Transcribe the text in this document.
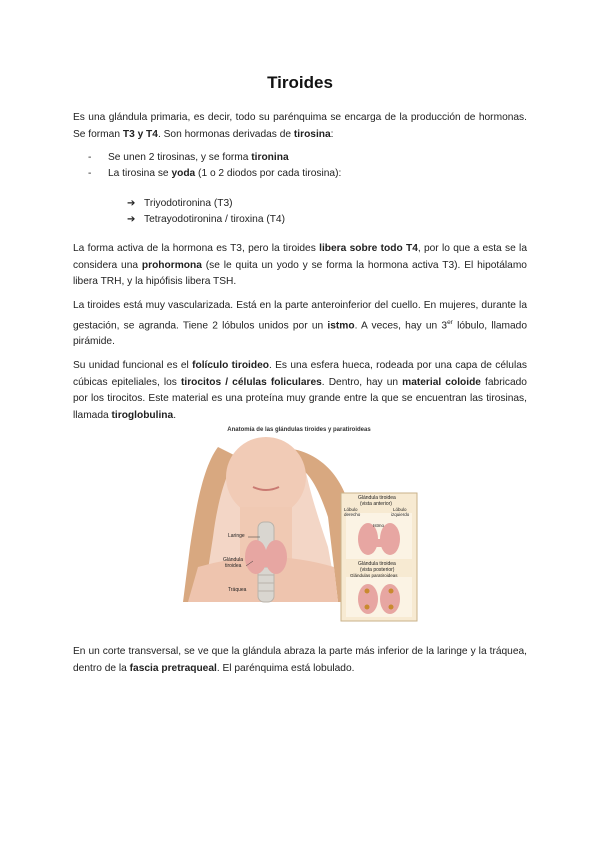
Tiroides

Es una glándula primaria, es decir, todo su parénquima se encarga de la producción de hormonas. Se forman T3 y T4. Son hormonas derivadas de tirosina:

- Se unen 2 tirosinas, y se forma tironina
- La tirosina se yoda (1 o 2 diodos por cada tirosina):
➔ Triyodotironina (T3)
➔ Tetrayodotironina / tiroxina (T4)

La forma activa de la hormona es T3, pero la tiroides libera sobre todo T4, por lo que a esta se la considera una prohormona (se le quita un yodo y se forma la hormona activa T3). El hipotálamo libera TRH, y la hipófisis libera TSH.

La tiroides está muy vascularizada. Está en la parte anteroinferior del cuello. En mujeres, durante la gestación, se agranda. Tiene 2 lóbulos unidos por un istmo. A veces, hay un 3er lóbulo, llamado pirámide.

Su unidad funcional es el folículo tiroideo. Es una esfera hueca, rodeada por una capa de células cúbicas epiteliales, los tirocitos / células foliculares. Dentro, hay un material coloide fabricado por los tirocitos. Este material es una proteína muy grande entre la que se encuentran las tirosinas, llamada tiroglobulina.

Anatomía de las glándulas tiroides y paratiroideas
Laringe
Glándula
tiroidea
Tráquea
Glándula tiroidea
(vista anterior)
Lóbulo
derecho
Lóbulo
izquierdo
Istmo
Glándula tiroidea
(vista posterior)
Glándulas paratiroideas

En un corte transversal, se ve que la glándula abraza la parte más inferior de la laringe y la tráquea, dentro de la fascia pretraqueal. El parénquima está lobulado.
